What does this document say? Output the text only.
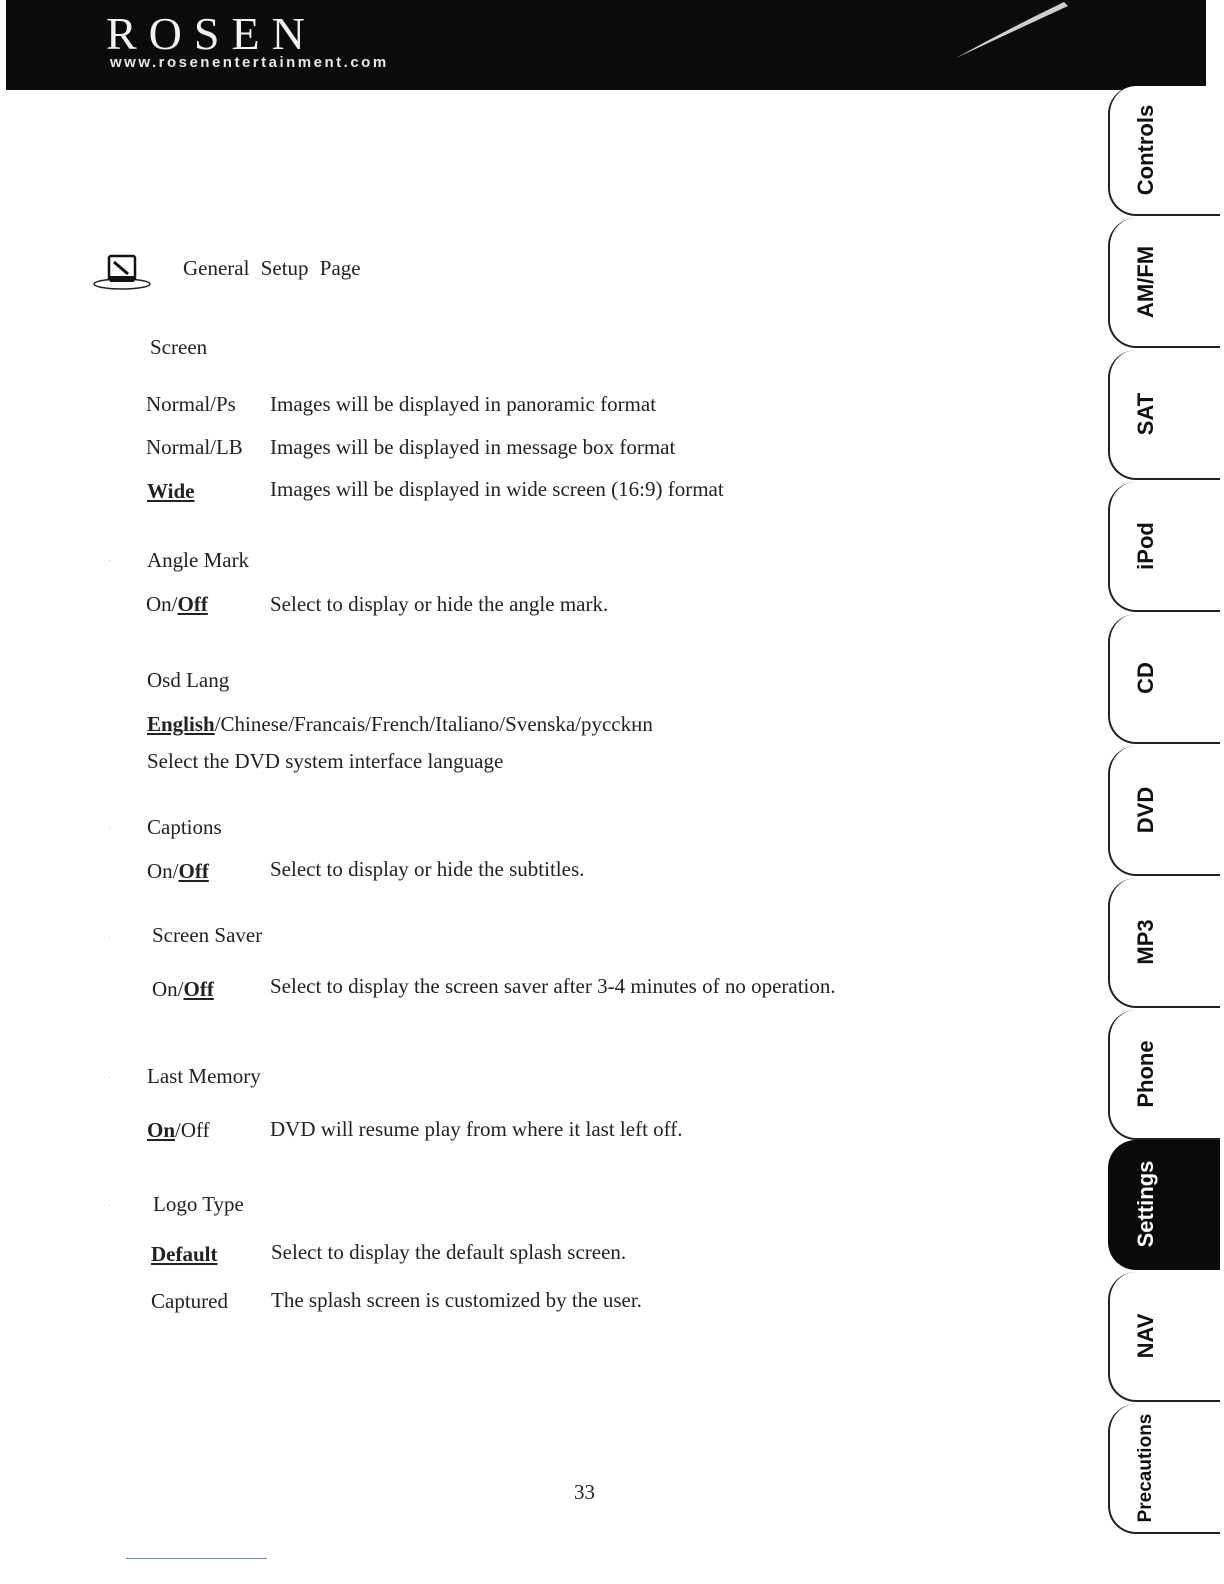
ROSEN
www.rosenentertainment.com
General Setup Page
Screen
Normal/Ps Images will be displayed in panoramic format
Normal/LB Images will be displayed in message box format
Wide	Images will be displayed in wide screen (16:9) format
· Angle Mark
On/Off	Select to display or hide the angle mark.
Osd Lang
English/Chinese/Francais/French/Italiano/Svenska/pycckнn
Select the DVD system interface language
· Captions
On/Off	Select to display or hide the subtitles.
· Screen Saver
On/Off	Select to display the screen saver after 3-4 minutes of no operation.
· Last Memory
On/Off	DVD will resume play from where it last left off.
· Logo Type
Default	Select to display the default splash screen.
Captured The splash screen is customized by the user.
Controls
AM/FM
SAT
iPod
CD
DVD
MP3
Phone
Settings
NAV
Precautions
33
